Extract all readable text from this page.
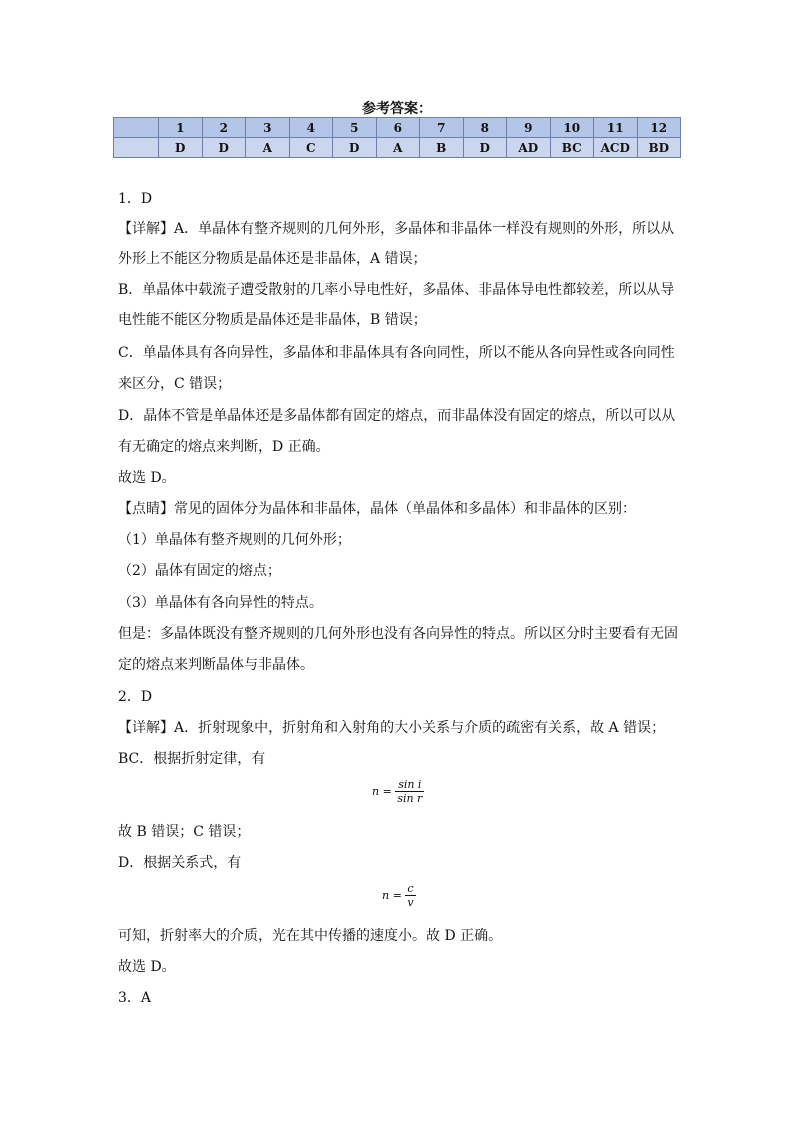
参考答案：
	1	2	3	4	5	6	7	8	9	10	11	12
	D	D	A	C	D	A	B	D	AD	BC	ACD	BD
1．D
【详解】A．单晶体有整齐规则的几何外形，多晶体和非晶体一样没有规则的外形，所以从
外形上不能区分物质是晶体还是非晶体，A 错误；
B．单晶体中载流子遭受散射的几率小导电性好，多晶体、非晶体导电性都较差，所以从导
电性能不能区分物质是晶体还是非晶体，B 错误；
C．单晶体具有各向异性，多晶体和非晶体具有各向同性，所以不能从各向异性或各向同性
来区分，C 错误；
D．晶体不管是单晶体还是多晶体都有固定的熔点，而非晶体没有固定的熔点，所以可以从
有无确定的熔点来判断，D 正确。
故选 D。
【点睛】常见的固体分为晶体和非晶体，晶体（单晶体和多晶体）和非晶体的区别：
（1）单晶体有整齐规则的几何外形；
（2）晶体有固定的熔点；
（3）单晶体有各向异性的特点。
但是：多晶体既没有整齐规则的几何外形也没有各向异性的特点。所以区分时主要看有无固
定的熔点来判断晶体与非晶体。
2．D
【详解】A．折射现象中，折射角和入射角的大小关系与介质的疏密有关系，故 A 错误；
BC．根据折射定律，有
$n = \frac{\text{sin i}}{\text{sin r}}$
故 B 错误；C 错误；
D．根据关系式，有
$n = \frac{c}{v}$
可知，折射率大的介质，光在其中传播的速度小。故 D 正确。
故选 D。
3．A
